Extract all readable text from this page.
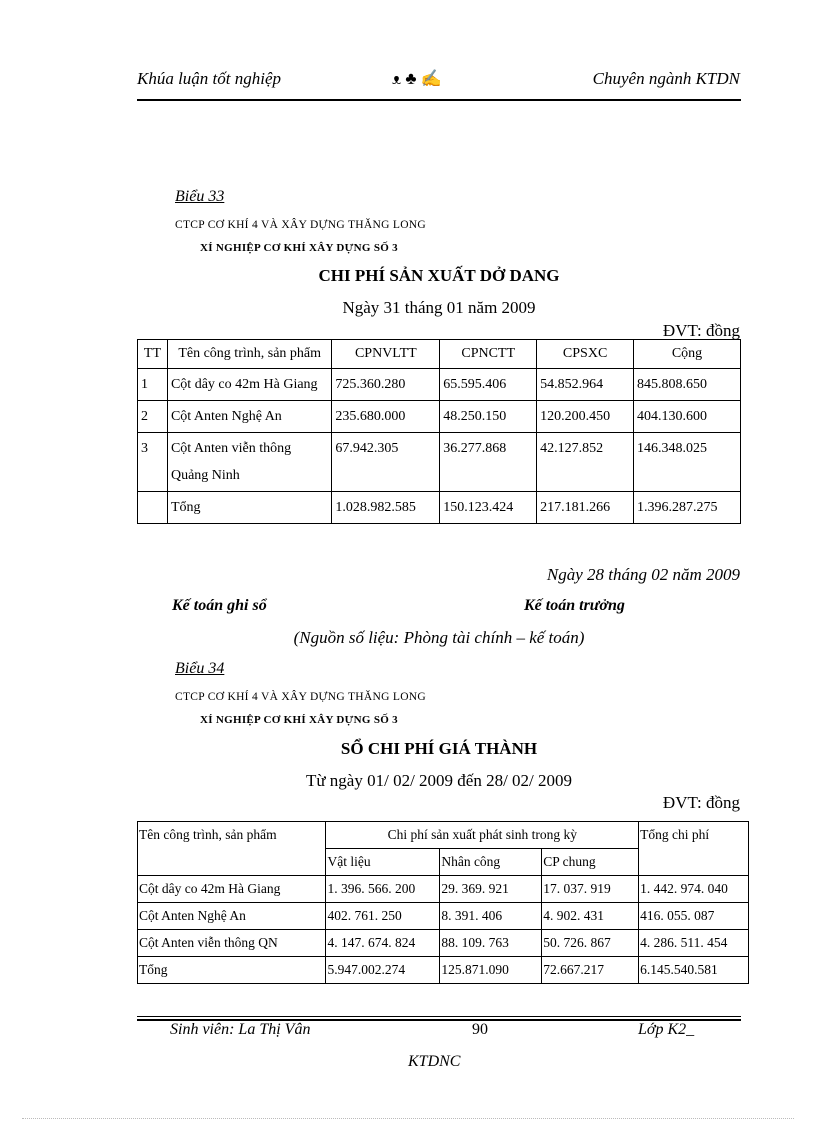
Khúa luận tốt nghiệp	ᴥ ♣ ✍	Chuyên ngành KTDN
Biểu 33
CTCP CƠ KHÍ 4 VÀ XÂY DỰNG THĂNG LONG
XÍ NGHIỆP CƠ KHÍ XÂY DỰNG SỐ 3
CHI PHÍ SẢN XUẤT DỞ DANG
Ngày 31 tháng 01 năm 2009
ĐVT: đồng
TT	Tên công trình, sản phẩm	CPNVLTT	CPNCTT	CPSXC	Cộng
1	Cột dây co 42m Hà Giang	725.360.280	65.595.406	54.852.964	845.808.650
2	Cột Anten Nghệ An	235.680.000	48.250.150	120.200.450	404.130.600
3	Cột Anten viễn thông Quảng Ninh	67.942.305	36.277.868	42.127.852	146.348.025
	Tổng	1.028.982.585	150.123.424	217.181.266	1.396.287.275
Ngày 28 tháng 02 năm 2009
Kế toán ghi sổ	Kế toán trưởng
(Nguồn số liệu: Phòng tài chính – kế toán)
Biểu 34
CTCP CƠ KHÍ 4 VÀ XÂY DỰNG THĂNG LONG
XÍ NGHIỆP CƠ KHÍ XÂY DỰNG SỐ 3
SỔ CHI PHÍ GIÁ THÀNH
Từ ngày 01/ 02/ 2009 đến 28/ 02/ 2009
ĐVT: đồng
Tên công trình, sản phẩm	Chi phí sản xuất phát sinh trong kỳ			Tổng chi phí
	Vật liệu	Nhân công	CP chung	
Cột dây co 42m Hà Giang	1. 396. 566. 200	29. 369. 921	17. 037. 919	1. 442. 974. 040
Cột Anten Nghệ An	402. 761. 250	8. 391. 406	4. 902. 431	416. 055. 087
Cột Anten viễn thông QN	4. 147. 674. 824	88. 109. 763	50. 726. 867	4. 286. 511. 454
Tổng	5.947.002.274	125.871.090	72.667.217	6.145.540.581
Sinh viên: La Thị Vân	90	Lớp K2_
KTDNC
